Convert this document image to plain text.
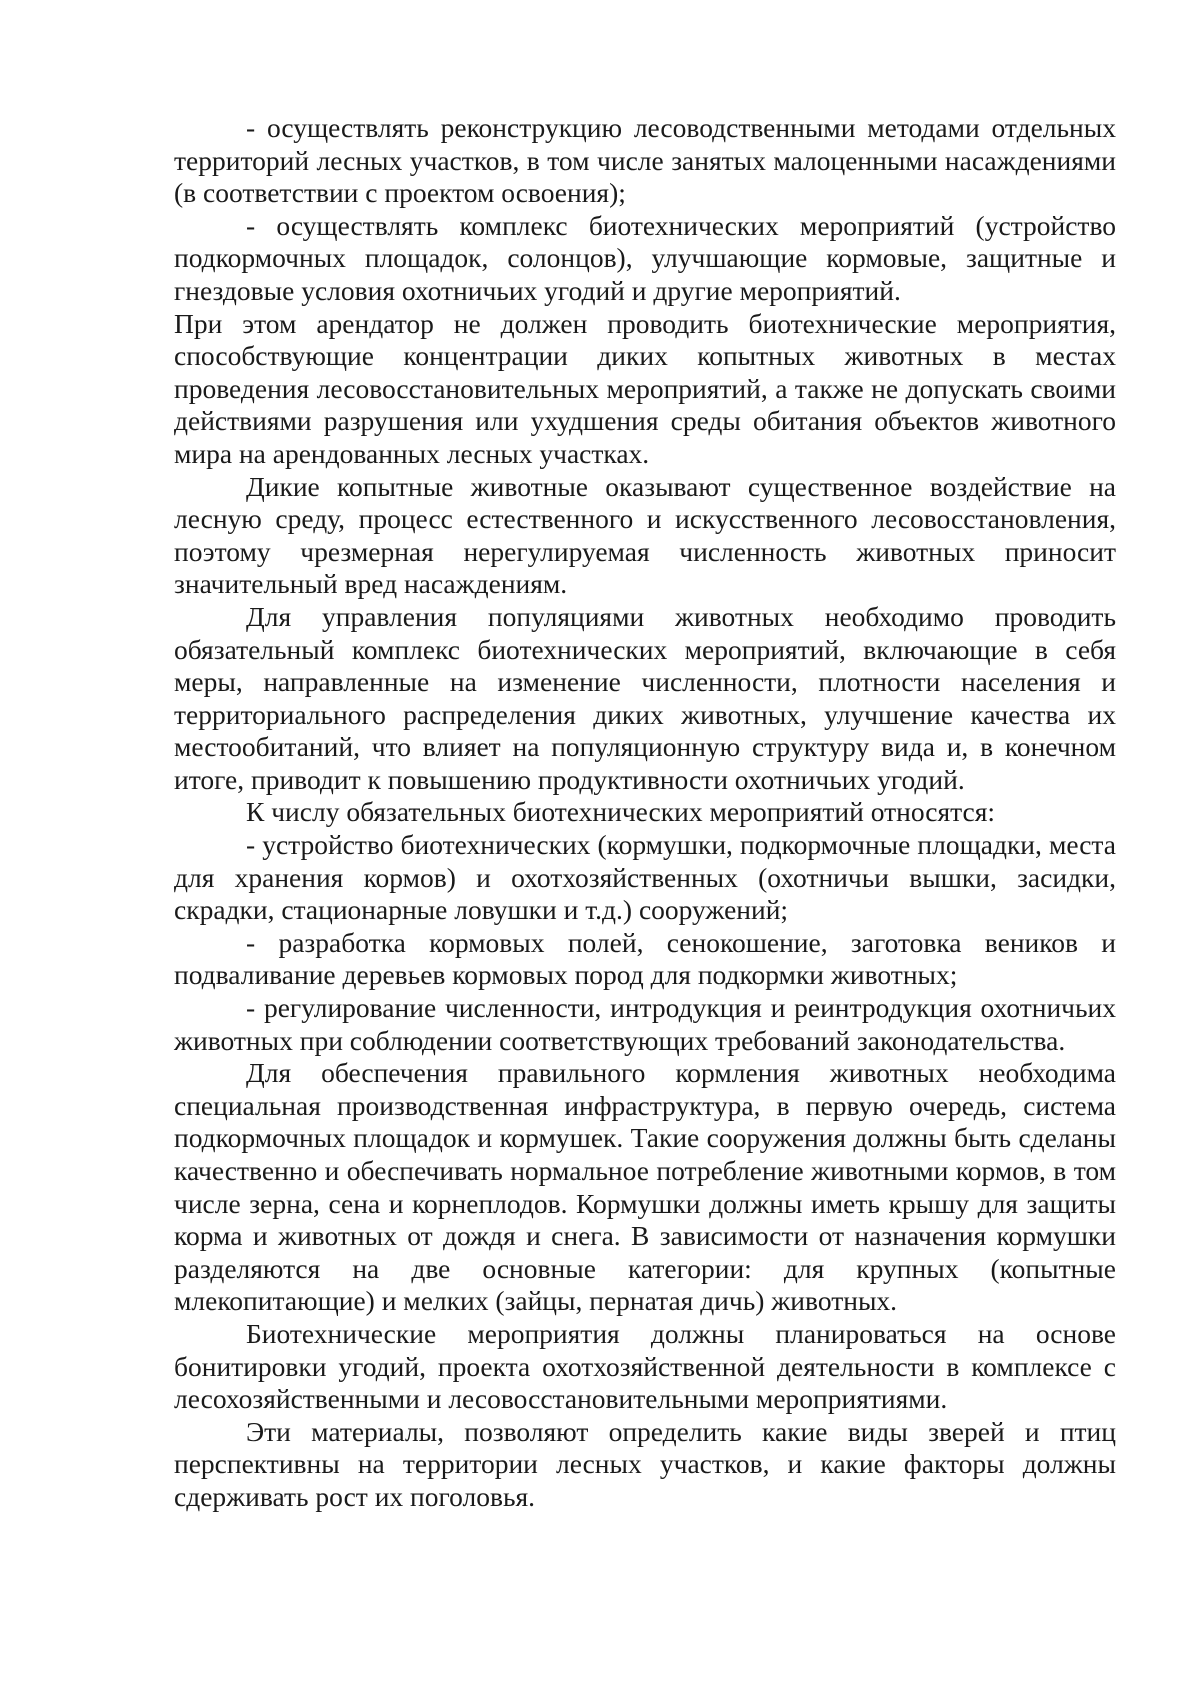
- осуществлять реконструкцию лесоводственными методами отдельных территорий лесных участков, в том числе занятых малоценными насаждениями (в соответствии с проектом освоения);

- осуществлять комплекс биотехнических мероприятий (устройство подкормочных площадок, солонцов), улучшающие кормовые, защитные и гнездовые условия охотничьих угодий и другие мероприятий.

При этом арендатор не должен проводить биотехнические мероприятия, способствующие концентрации диких копытных животных в местах проведения лесовосстановительных мероприятий, а также не допускать своими действиями разрушения или ухудшения среды обитания объектов животного мира на арендованных лесных участках.

Дикие копытные животные оказывают существенное воздействие на лесную среду, процесс естественного и искусственного лесовосстановления, поэтому чрезмерная нерегулируемая численность животных приносит значительный вред насаждениям.

Для управления популяциями животных необходимо проводить обязательный комплекс биотехнических мероприятий, включающие в себя меры, направленные на изменение численности, плотности населения и территориального распределения диких животных, улучшение качества их местообитаний, что влияет на популяционную структуру вида и, в конечном итоге, приводит к повышению продуктивности охотничьих угодий.

К числу обязательных биотехнических мероприятий относятся:

- устройство биотехнических (кормушки, подкормочные площадки, места для хранения кормов) и охотхозяйственных (охотничьи вышки, засидки, скрадки, стационарные ловушки и т.д.) сооружений;

- разработка кормовых полей, сенокошение, заготовка веников и подваливание деревьев кормовых пород для подкормки животных;

- регулирование численности, интродукция и реинтродукция охотничьих животных при соблюдении соответствующих требований законодательства.

Для обеспечения правильного кормления животных необходима специальная производственная инфраструктура, в первую очередь, система подкормочных площадок и кормушек. Такие сооружения должны быть сделаны качественно и обеспечивать нормальное потребление животными кормов, в том числе зерна, сена и корнеплодов. Кормушки должны иметь крышу для защиты корма и животных от дождя и снега. В зависимости от назначения кормушки разделяются на две основные категории: для крупных (копытные млекопитающие) и мелких (зайцы, пернатая дичь) животных.

Биотехнические мероприятия должны планироваться на основе бонитировки угодий, проекта охотхозяйственной деятельности в комплексе с лесохозяйственными и лесовосстановительными мероприятиями.

Эти материалы, позволяют определить какие виды зверей и птиц перспективны на территории лесных участков, и какие факторы должны сдерживать рост их поголовья.
